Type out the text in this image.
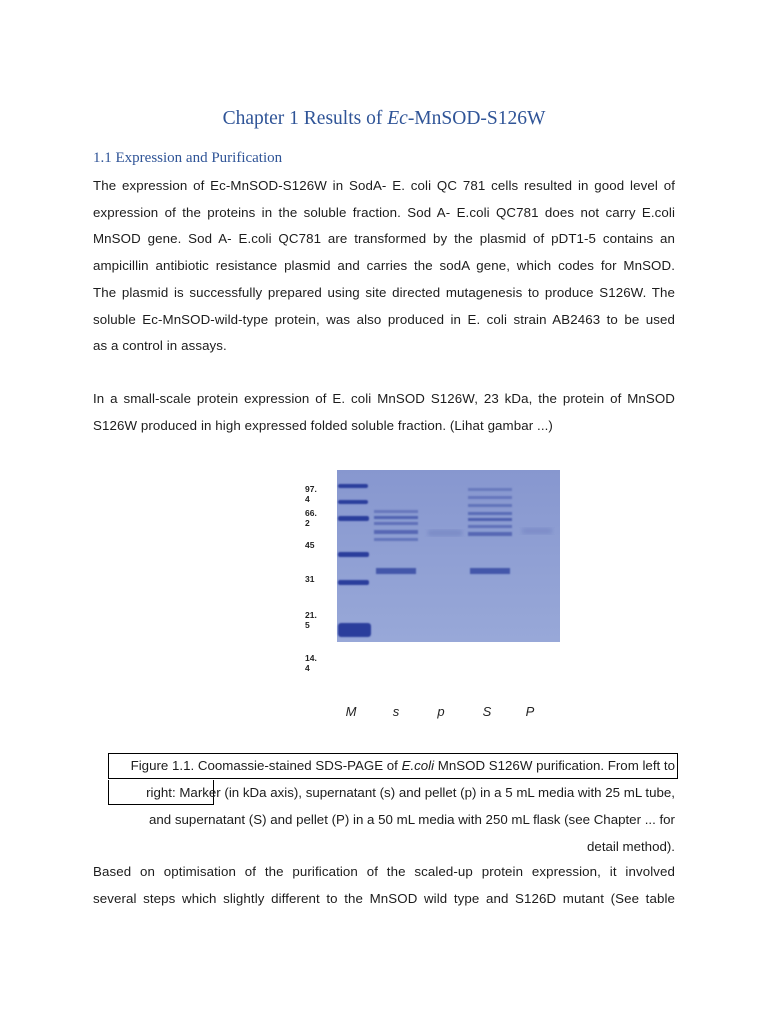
Chapter 1 Results of Ec-MnSOD-S126W
1.1 Expression and Purification

The expression of Ec-MnSOD-S126W in SodA- E. coli QC 781 cells resulted in good level of
expression of the proteins in the soluble fraction. Sod A- E.coli QC781 does not carry E.coli
MnSOD gene. Sod A- E.coli QC781 are transformed by the plasmid of pDT1-5 contains an
ampicillin antibiotic resistance plasmid and carries the sodA gene, which codes for MnSOD.
The plasmid is successfully prepared using site directed mutagenesis to produce S126W. The
soluble Ec-MnSOD-wild-type protein, was also produced in E. coli strain AB2463 to be used
as a control in assays.

In a small-scale protein expression of E. coli MnSOD S126W, 23 kDa, the protein of MnSOD
S126W produced in high expressed folded soluble fraction. (Lihat gambar ...)

97.
4
66.
2
45
31
21.
5
14.
4
M	s	p	S	P
Figure 1.1. Coomassie-stained SDS-PAGE of E.coli MnSOD S126W purification. From left to
right: Marker (in kDa axis), supernatant (s) and pellet (p) in a 5 mL media with 25 mL tube,
and supernatant (S) and pellet (P) in a 50 mL media with 250 mL flask (see Chapter ... for
detail method).

Based on optimisation of the purification of the scaled-up protein expression, it involved
several steps which slightly different to the MnSOD wild type and S126D mutant (See table
